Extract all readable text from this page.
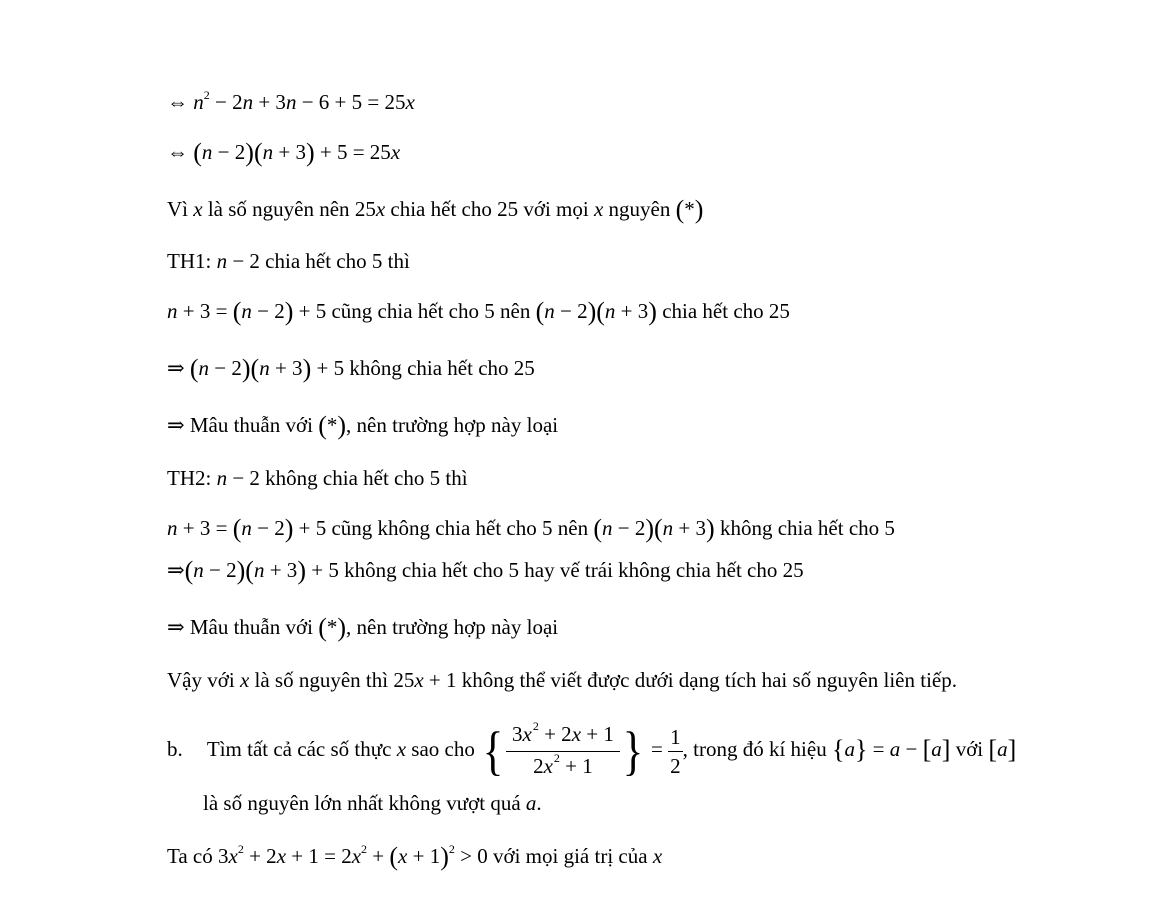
⇔ $n^2 - 2n + 3n - 6 + 5 = 25x$
⇔ (n − 2)(n + 3) + 5 = 25x
Vì x là số nguyên nên 25x chia hết cho 25 với mọi x nguyên (*)
TH1: n − 2 chia hết cho 5 thì
n + 3 = (n − 2) + 5 cũng chia hết cho 5 nên (n − 2)(n + 3) chia hết cho 25
⇒ (n − 2)(n + 3) + 5 không chia hết cho 25
⇒ Mâu thuẫn với (*), nên trường hợp này loại
TH2: n − 2 không chia hết cho 5 thì
n + 3 = (n − 2) + 5 cũng không chia hết cho 5 nên (n − 2)(n + 3) không chia hết cho 5
⇒(n − 2)(n + 3) + 5 không chia hết cho 5 hay vế trái không chia hết cho 25
⇒ Mâu thuẫn với (*), nên trường hợp này loại
Vậy với x là số nguyên thì 25x + 1 không thể viết được dưới dạng tích hai số nguyên liên tiếp.
b. Tìm tất cả các số thực x sao cho { $\frac{3x^2 + 2x + 1}{2x^2 + 1}$ } = $\frac{1}{2}$ , trong đó kí hiệu {a} = a − [a] với [a]
là số nguyên lớn nhất không vượt quá a.
Ta có $3x^2 + 2x + 1 = 2x^2 + (x + 1)^2 > 0$ với mọi giá trị của x
